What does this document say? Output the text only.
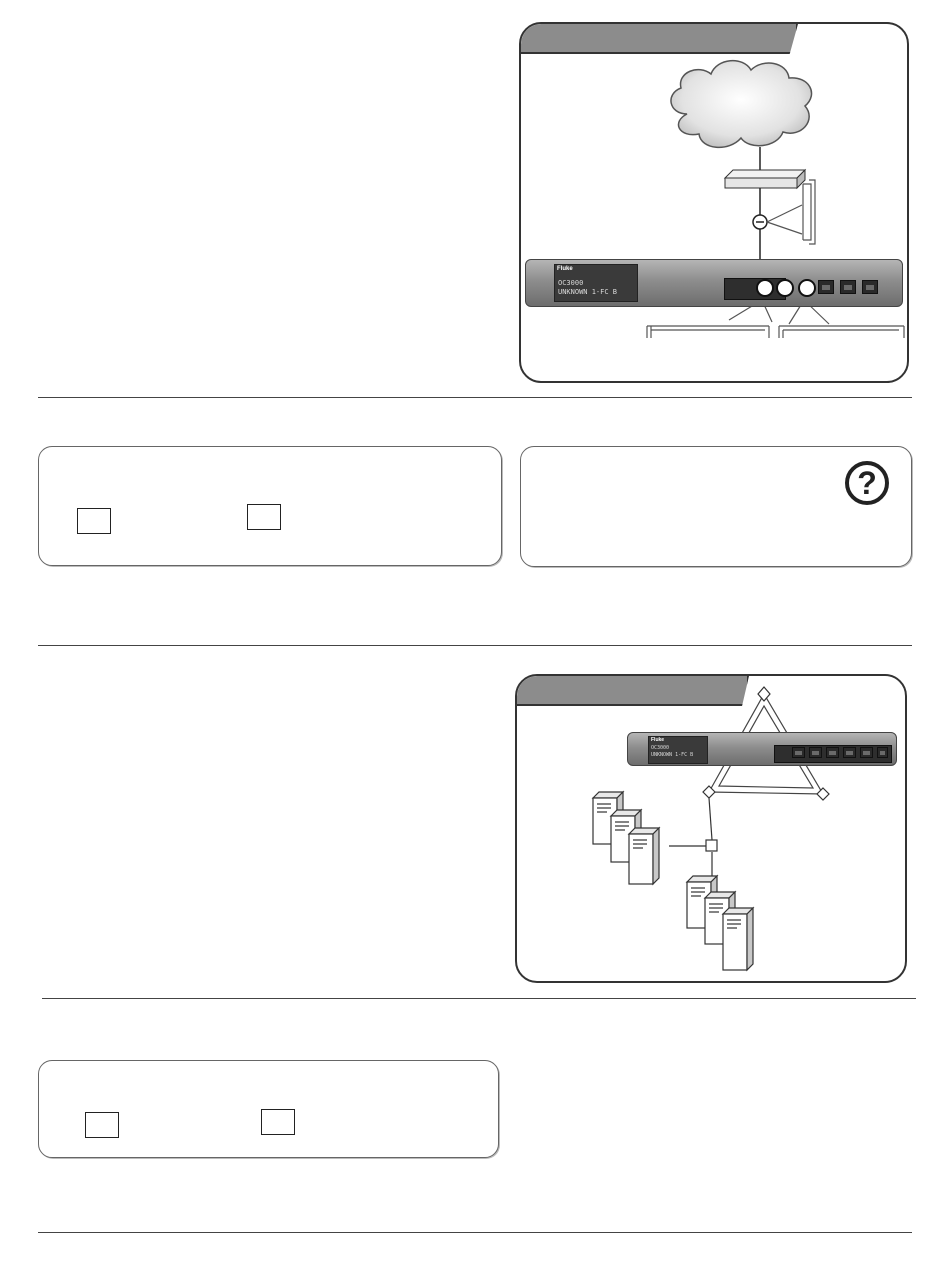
Fluke
OC3000
UNKNOWN 1-FC B
?
Fluke
OC3000
UNKNOWN 1-FC B
